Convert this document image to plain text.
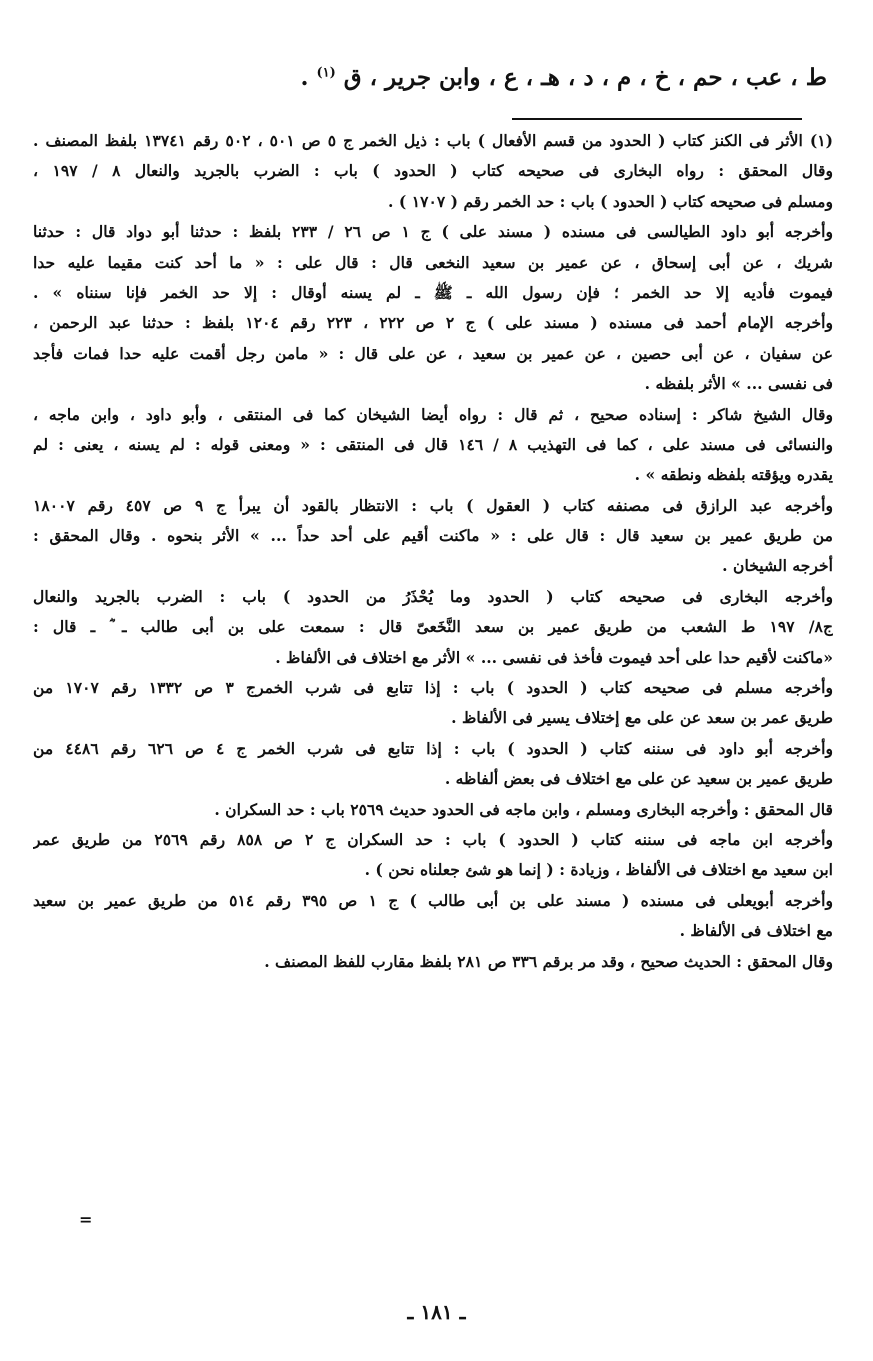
ط ، عب ، حم ، خ ، م ، د ، هـ ، ع ، وابن جرير ، ق $^{(١)}$ .
(١) الأثر فى الكنز كتاب ( الحدود من قسم الأفعال ) باب : ذيل الخمر ج ٥ ص ٥٠١ ، ٥٠٢ رقم ١٣٧٤١ بلفظ المصنف .
وقال المحقق : رواه البخارى فى صحيحه كتاب ( الحدود ) باب : الضرب بالجريد والنعال ٨ / ١٩٧ ،
ومسلم فى صحيحه كتاب ( الحدود ) باب : حد الخمر رقم ( ١٧٠٧ ) .
وأخرجه أبو داود الطيالسى فى مسنده ( مسند على ) ج ١ ص ٢٦ / ٢٣٣ بلفظ : حدثنا أبو دواد قال : حدثنا
شريك ، عن أبى إسحاق ، عن عمير بن سعيد النخعى قال : قال على : « ما أحد كنت مقيما عليه حدا
فيموت فأديه إلا حد الخمر ؛ فإن رسول الله ـ ﷺ ـ لم يسنه أوقال : إلا حد الخمر فإنا سنناه » .
وأخرجه الإمام أحمد فى مسنده ( مسند على ) ج ٢ ص ٢٢٢ ، ٢٢٣ رقم ١٢٠٤ بلفظ : حدثنا عبد الرحمن ،
عن سفيان ، عن أبى حصين ، عن عمير بن سعيد ، عن على قال : « مامن رجل أقمت عليه حدا فمات فأجد
فى نفسى ... » الأثر بلفظه .
وقال الشيخ شاكر : إسناده صحيح ، ثم قال : رواه أيضا الشيخان كما فى المنتقى ، وأبو داود ، وابن ماجه ،
والنسائى فى مسند على ، كما فى التهذيب ٨ / ١٤٦ قال فى المنتقى : « ومعنى قوله : لم يسنه ، يعنى : لم
يقدره ويؤقته بلفظه ونطقه » .
وأخرجه عبد الرازق فى مصنفه كتاب ( العقول ) باب : الانتظار بالقود أن يبرأ ج ٩ ص ٤٥٧ رقم ١٨٠٠٧
من طريق عمير بن سعيد قال : قال على : « ماكنت أقيم على أحد حداً ... » الأثر بنحوه . وقال المحقق :
أخرجه الشيخان .
وأخرجه البخارى فى صحيحه كتاب ( الحدود وما يُحْذَرُ من الحدود ) باب : الضرب بالجريد والنعال
ج٨/ ١٩٧ ط الشعب من طريق عمير بن سعد النَّخَعىّ قال : سمعت على بن أبى طالب ـ ؓ ـ قال :
«ماكنت لأقيم حدا على أحد فيموت فأخذ فى نفسى ... » الأثر مع اختلاف فى الألفاظ .
وأخرجه مسلم فى صحيحه كتاب ( الحدود ) باب : إذا تتابع فى شرب الخمرج ٣ ص ١٣٣٢ رقم ١٧٠٧ من
طريق عمر بن سعد عن على مع إختلاف يسير فى الألفاظ .
وأخرجه أبو داود فى سننه كتاب ( الحدود ) باب : إذا تتابع فى شرب الخمر ج ٤ ص ٦٢٦ رقم ٤٤٨٦ من
طريق عمير بن سعيد عن على مع اختلاف فى بعض ألفاظه .
قال المحقق : وأخرجه البخارى ومسلم ، وابن ماجه فى الحدود حديث ٢٥٦٩ باب : حد السكران .
وأخرجه ابن ماجه فى سننه كتاب ( الحدود ) باب : حد السكران ج ٢ ص ٨٥٨ رقم ٢٥٦٩ من طريق عمر
ابن سعيد مع اختلاف فى الألفاظ ، وزيادة : ( إنما هو شئ جعلناه نحن ) .
وأخرجه أبويعلى فى مسنده ( مسند على بن أبى طالب ) ج ١ ص ٣٩٥ رقم ٥١٤ من طريق عمير بن سعيد
مع اختلاف فى الألفاظ .
وقال المحقق : الحديث صحيح ، وقد مر برقم ٣٣٦ ص ٢٨١ بلفظ مقارب للفظ المصنف .
=
ـ ١٨١ ـ
